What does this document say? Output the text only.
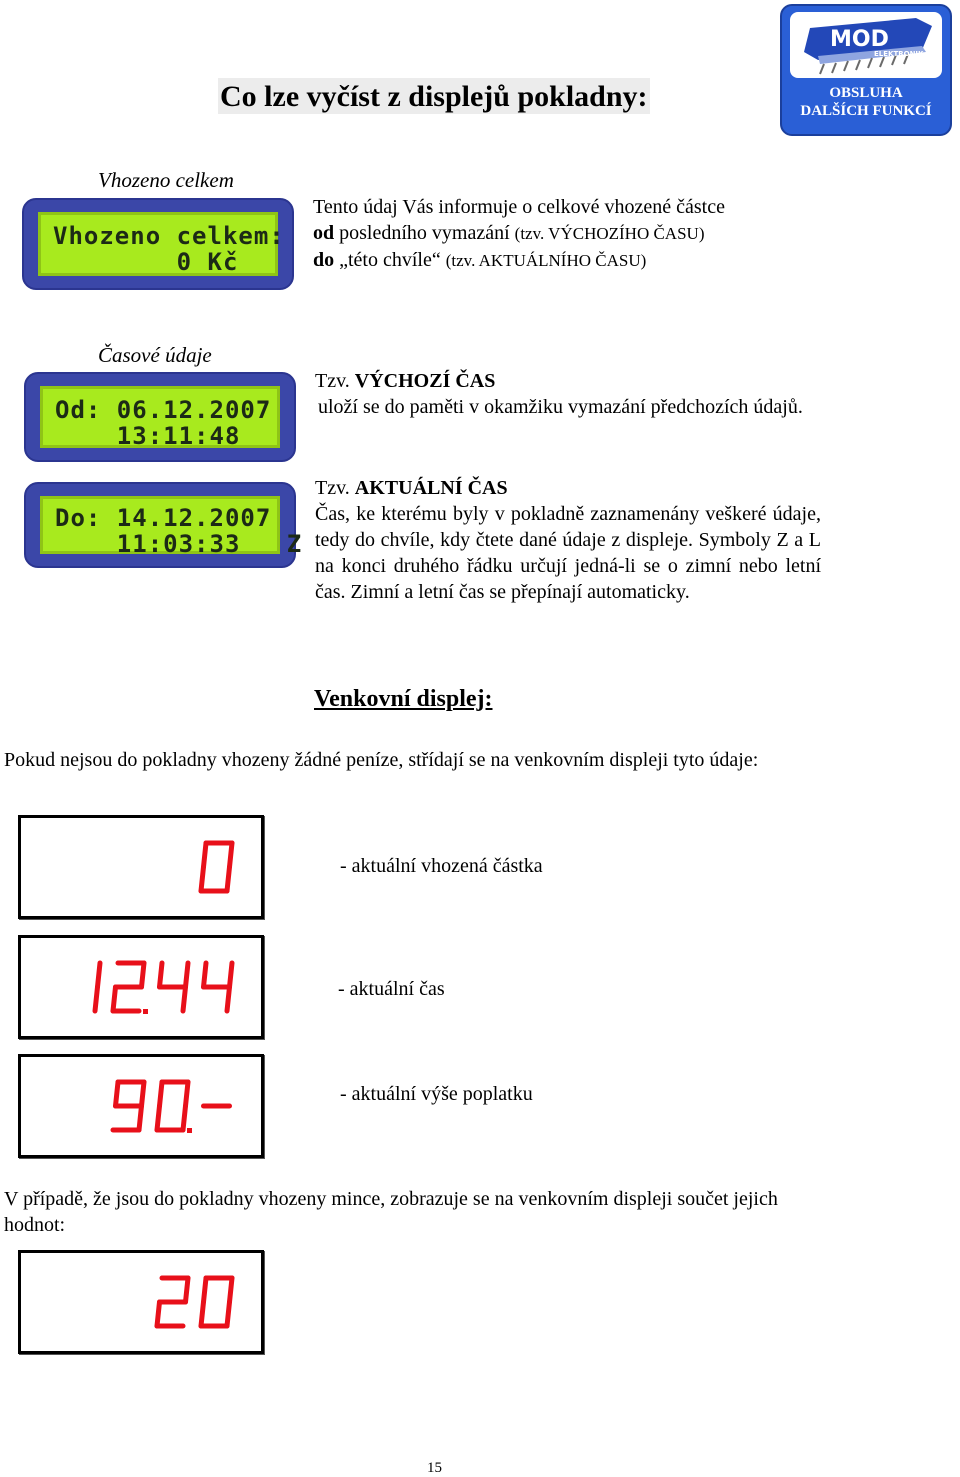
MOD
ELEKTRONIK
OBSLUHA
DALŠÍCH FUNKCÍ
Co lze vyčíst z displejů pokladny:
Vhozeno celkem
Vhozeno celkem:
0 Kč
Tento údaj Vás informuje o celkové vhozené částce
od posledního vymazání (tzv. VÝCHOZÍHO ČASU)
do „této chvíle“ (tzv. AKTUÁLNÍHO ČASU)
Časové údaje
Od: 06.12.2007
13:11:48
Do: 14.12.2007
11:03:33   Z
Tzv. VÝCHOZÍ ČAS
uloží se do paměti v okamžiku vymazání předchozích údajů.
Tzv. AKTUÁLNÍ ČAS
Čas, ke kterému byly v pokladně zaznamenány veškeré údaje, tedy do chvíle, kdy čtete dané údaje z displeje. Symboly Z a L na konci druhého řádku určují jedná-li se o zimní nebo letní čas. Zimní a letní čas se přepínají automaticky.
Venkovní displej:
Pokud nejsou do pokladny vhozeny žádné peníze, střídají se na venkovním displeji tyto údaje:
- aktuální vhozená částka
- aktuální čas
- aktuální výše poplatku
V případě, že jsou do pokladny vhozeny mince, zobrazuje se na venkovním displeji součet jejich hodnot:
15
